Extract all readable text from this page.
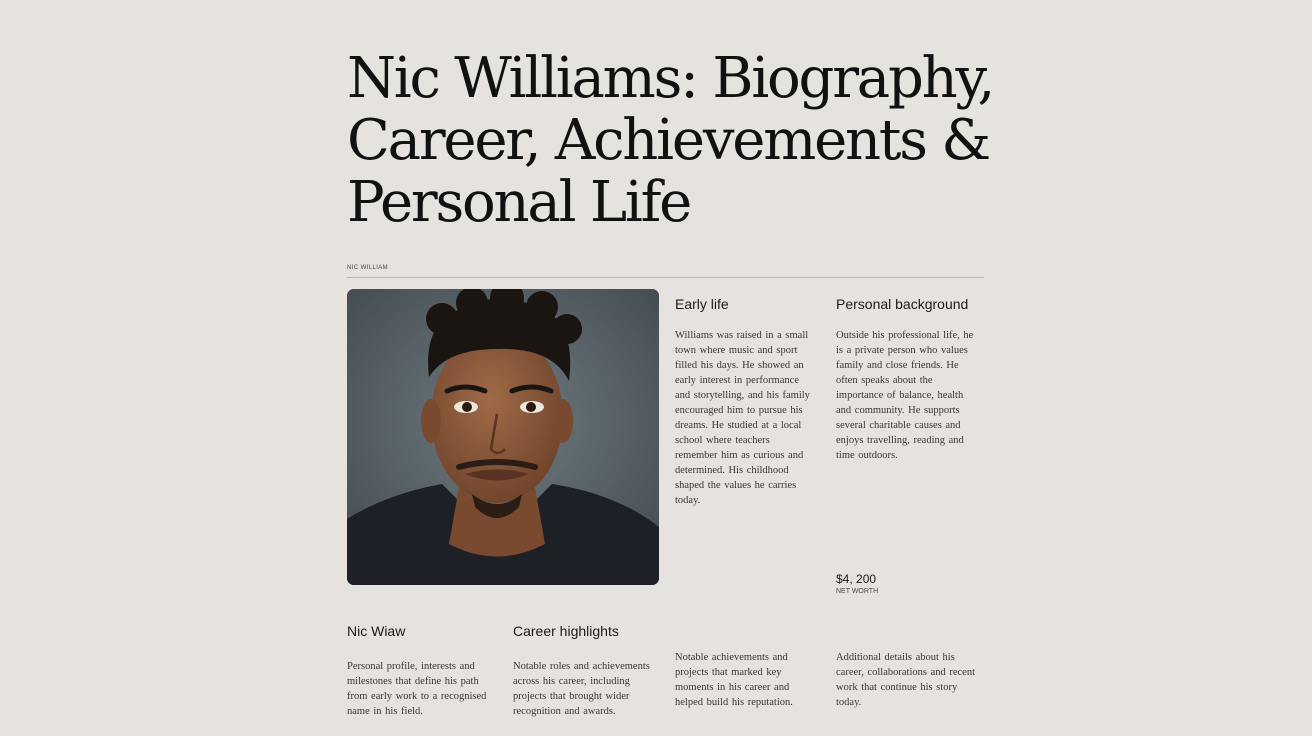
Nic Williams: Biography, Career, Achievements & Personal Life
NIC WILLIAM
Early life

Williams was raised in a small town where music and sport filled his days. He showed an early interest in performance and storytelling, and his family encouraged him to pursue his dreams. He studied at a local school where teachers remember him as curious and determined. His childhood shaped the values he carries today.

Personal background

Outside his professional life, he is a private person who values family and close friends. He often speaks about the importance of balance, health and community. He supports several charitable causes and enjoys travelling, reading and time outdoors.

$4, 200
NET WORTH
Nic Wiaw

Personal profile, interests and milestones that define his path from early work to a recognised name in his field.

Career highlights

Notable roles and achievements across his career, including projects that brought wider recognition and awards.

Notable achievements and projects that marked key moments in his career and helped build his reputation.

Additional details about his career, collaborations and recent work that continue his story today.
